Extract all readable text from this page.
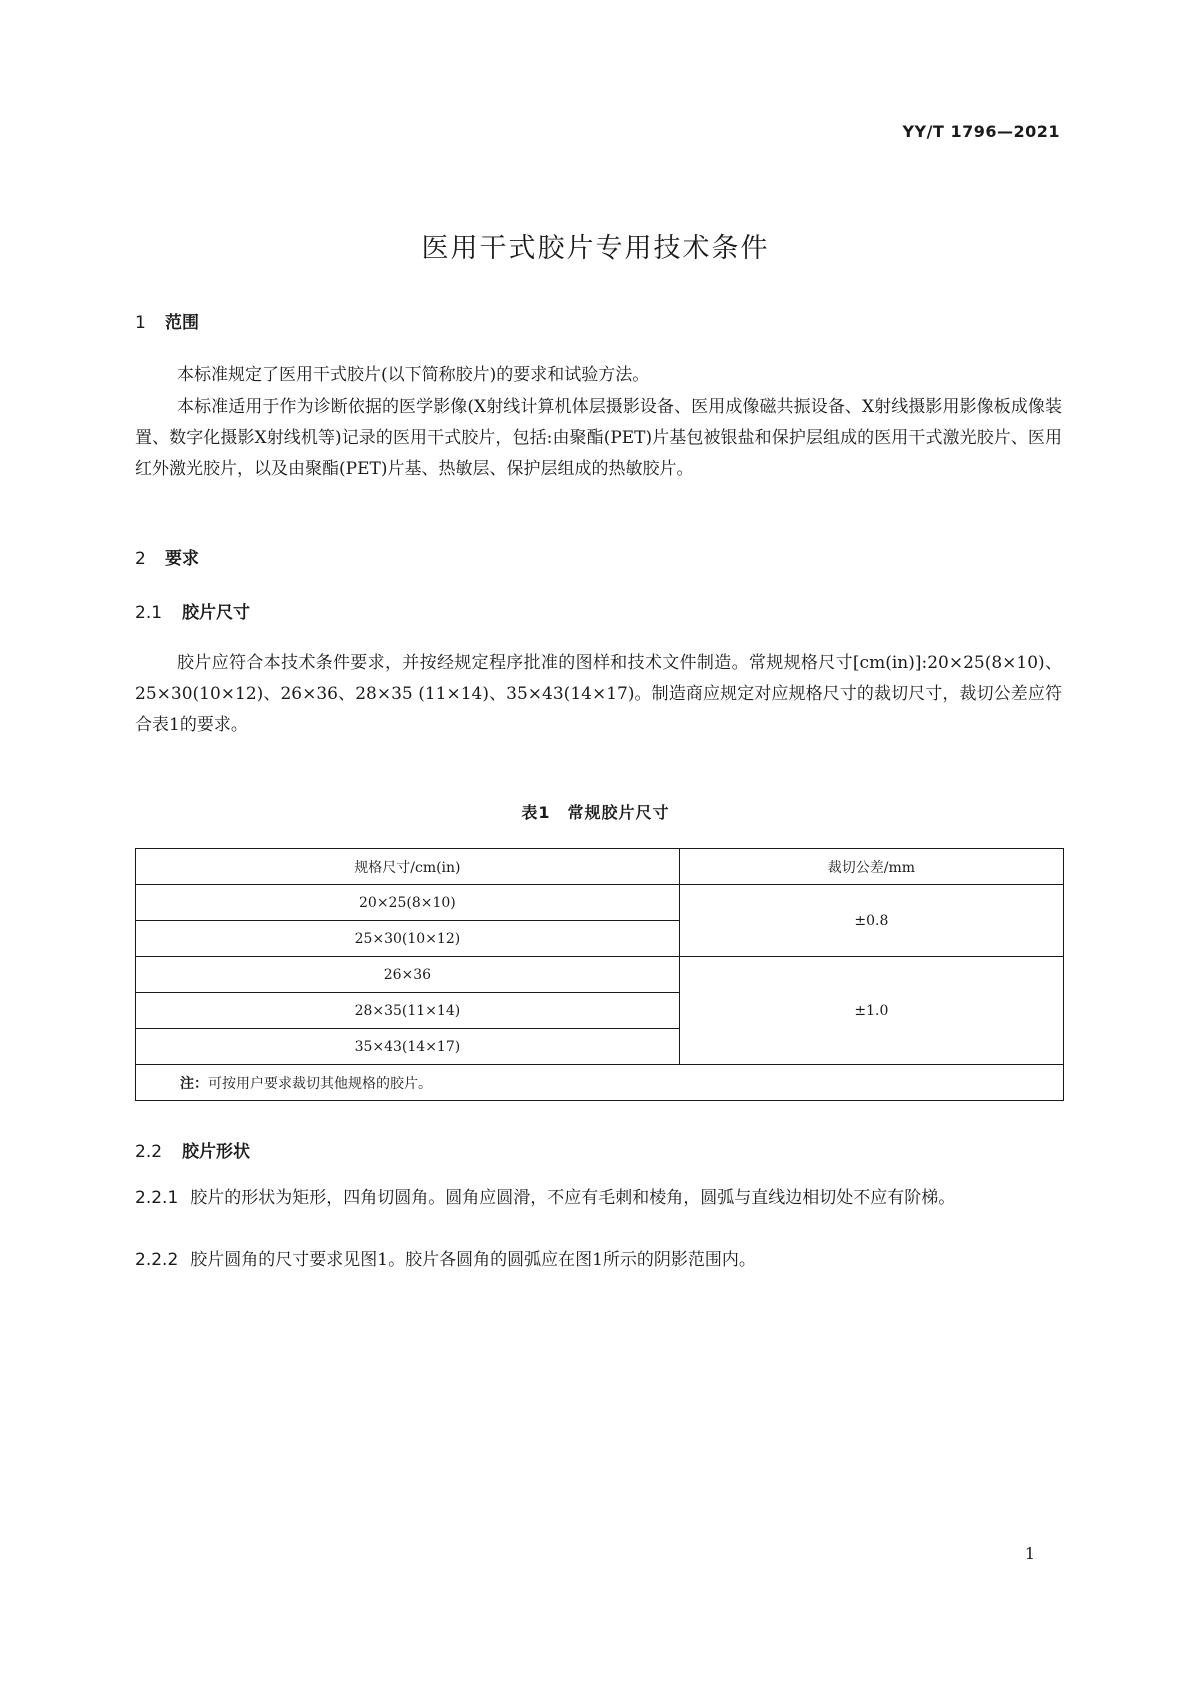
YY/T 1796—2021
医用干式胶片专用技术条件
1 范围

本标准规定了医用干式胶片(以下简称胶片)的要求和试验方法。

本标准适用于作为诊断依据的医学影像(X射线计算机体层摄影设备、医用成像磁共振设备、X射线摄影用影像板成像装置、数字化摄影X射线机等)记录的医用干式胶片，包括:由聚酯(PET)片基包被银盐和保护层组成的医用干式激光胶片、医用红外激光胶片，以及由聚酯(PET)片基、热敏层、保护层组成的热敏胶片。

2 要求
2.1 胶片尺寸

胶片应符合本技术条件要求，并按经规定程序批准的图样和技术文件制造。常规规格尺寸[cm(in)]:20×25(8×10)、25×30(10×12)、26×36、28×35 (11×14)、35×43(14×17)。制造商应规定对应规格尺寸的裁切尺寸，裁切公差应符合表1的要求。

表1　常规胶片尺寸
规格尺寸/cm(in)	裁切公差/mm
20×25(8×10)	±0.8
25×30(10×12)	
26×36	±1.0
28×35(11×14)	
35×43(14×17)	
注：可按用户要求裁切其他规格的胶片。	
2.2 胶片形状

2.2.1 胶片的形状为矩形，四角切圆角。圆角应圆滑，不应有毛刺和棱角，圆弧与直线边相切处不应有阶梯。

2.2.2 胶片圆角的尺寸要求见图1。胶片各圆角的圆弧应在图1所示的阴影范围内。

1
